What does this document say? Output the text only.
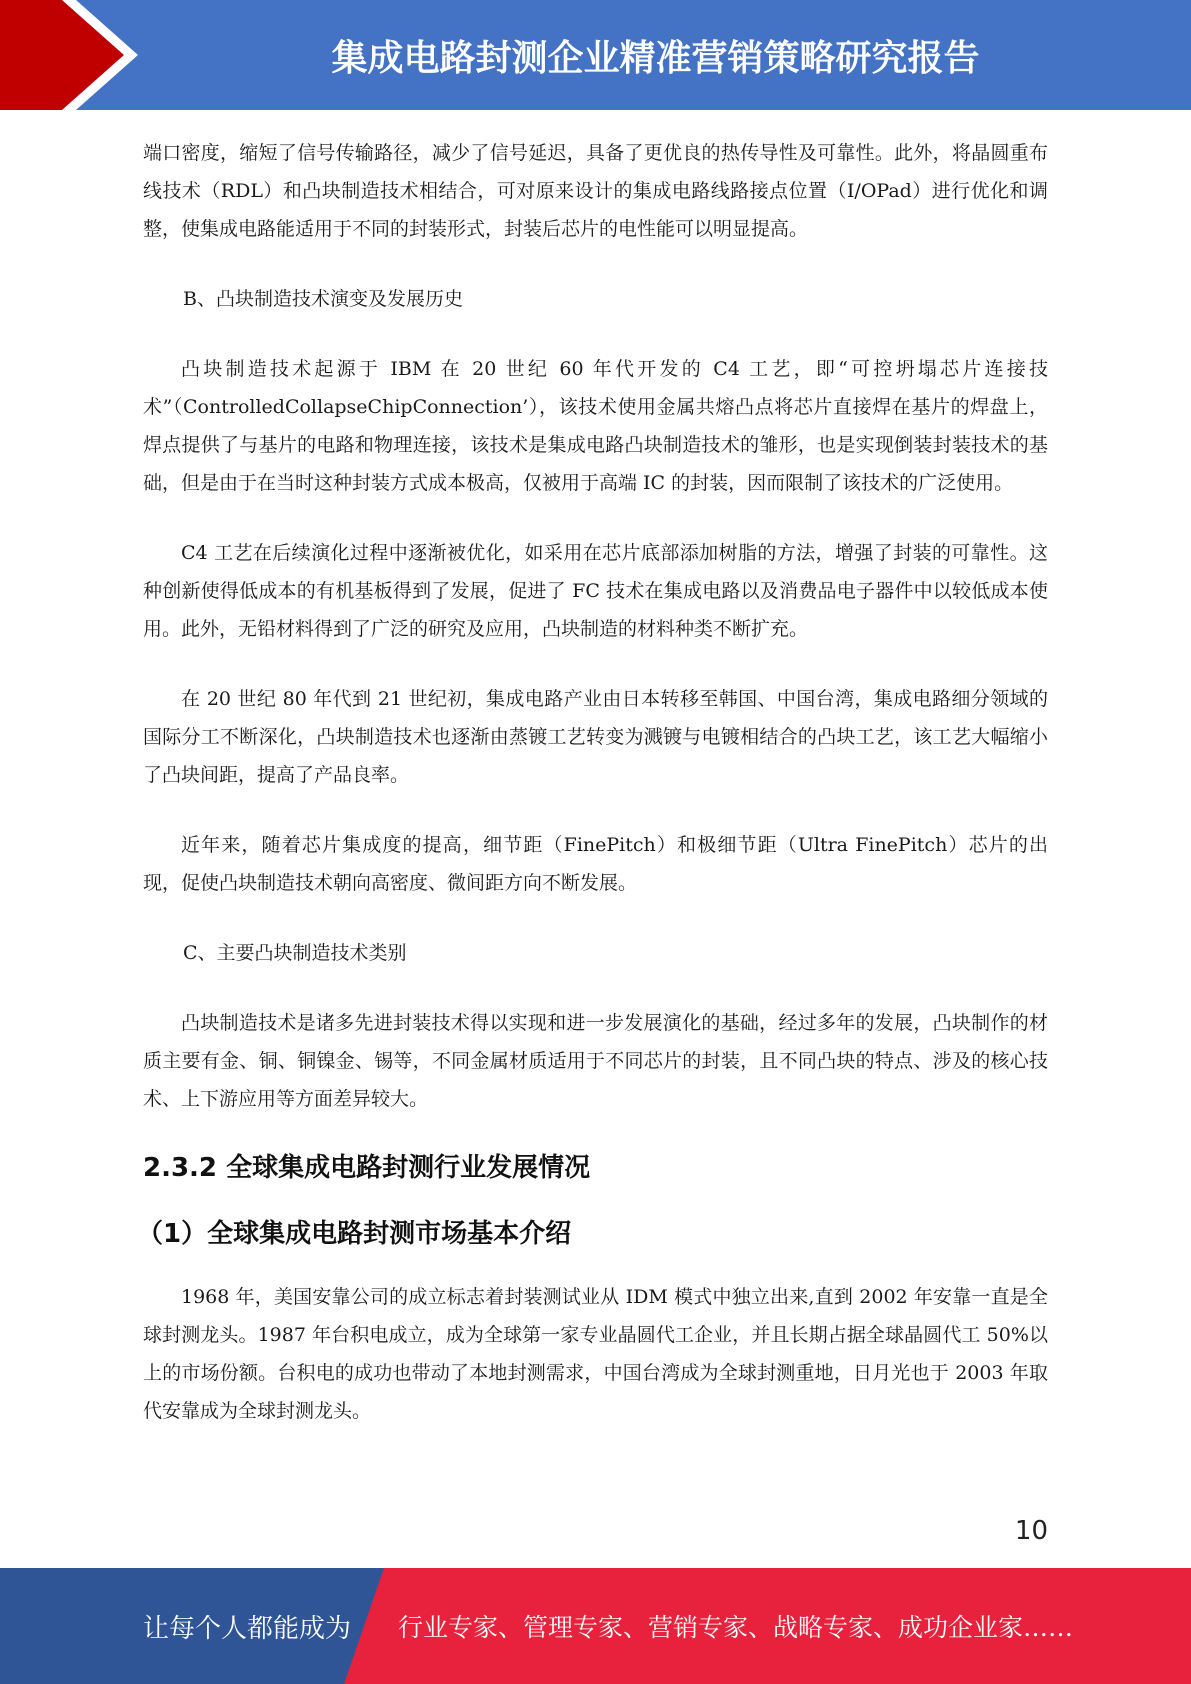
集成电路封测企业精准营销策略研究报告

端口密度，缩短了信号传输路径，减少了信号延迟，具备了更优良的热传导性及可靠性。此外，将晶圆重布线技术（RDL）和凸块制造技术相结合，可对原来设计的集成电路线路接点位置（I/OPad）进行优化和调整，使集成电路能适用于不同的封装形式，封装后芯片的电性能可以明显提高。

B、凸块制造技术演变及发展历史

凸块制造技术起源于 IBM 在 20 世纪 60 年代开发的 C4 工艺，即“可控坍塌芯片连接技术”（ControlledCollapseChipConnection’），该技术使用金属共熔凸点将芯片直接焊在基片的焊盘上，焊点提供了与基片的电路和物理连接，该技术是集成电路凸块制造技术的雏形，也是实现倒装封装技术的基础，但是由于在当时这种封装方式成本极高，仅被用于高端 IC 的封装，因而限制了该技术的广泛使用。

C4 工艺在后续演化过程中逐渐被优化，如采用在芯片底部添加树脂的方法，增强了封装的可靠性。这种创新使得低成本的有机基板得到了发展，促进了 FC 技术在集成电路以及消费品电子器件中以较低成本使用。此外，无铅材料得到了广泛的研究及应用，凸块制造的材料种类不断扩充。

在 20 世纪 80 年代到 21 世纪初，集成电路产业由日本转移至韩国、中国台湾，集成电路细分领域的国际分工不断深化，凸块制造技术也逐渐由蒸镀工艺转变为溅镀与电镀相结合的凸块工艺，该工艺大幅缩小了凸块间距，提高了产品良率。

近年来，随着芯片集成度的提高，细节距（FinePitch）和极细节距（Ultra FinePitch）芯片的出现，促使凸块制造技术朝向高密度、微间距方向不断发展。

C、主要凸块制造技术类别

凸块制造技术是诸多先进封装技术得以实现和进一步发展演化的基础，经过多年的发展，凸块制作的材质主要有金、铜、铜镍金、锡等，不同金属材质适用于不同芯片的封装，且不同凸块的特点、涉及的核心技术、上下游应用等方面差异较大。

2.3.2 全球集成电路封测行业发展情况
（1）全球集成电路封测市场基本介绍

1968 年，美国安靠公司的成立标志着封装测试业从 IDM 模式中独立出来,直到 2002 年安靠一直是全球封测龙头。1987 年台积电成立，成为全球第一家专业晶圆代工企业，并且长期占据全球晶圆代工 50%以上的市场份额。台积电的成功也带动了本地封测需求，中国台湾成为全球封测重地，日月光也于 2003 年取代安靠成为全球封测龙头。

10
让每个人都能成为 行业专家、管理专家、营销专家、战略专家、成功企业家……
